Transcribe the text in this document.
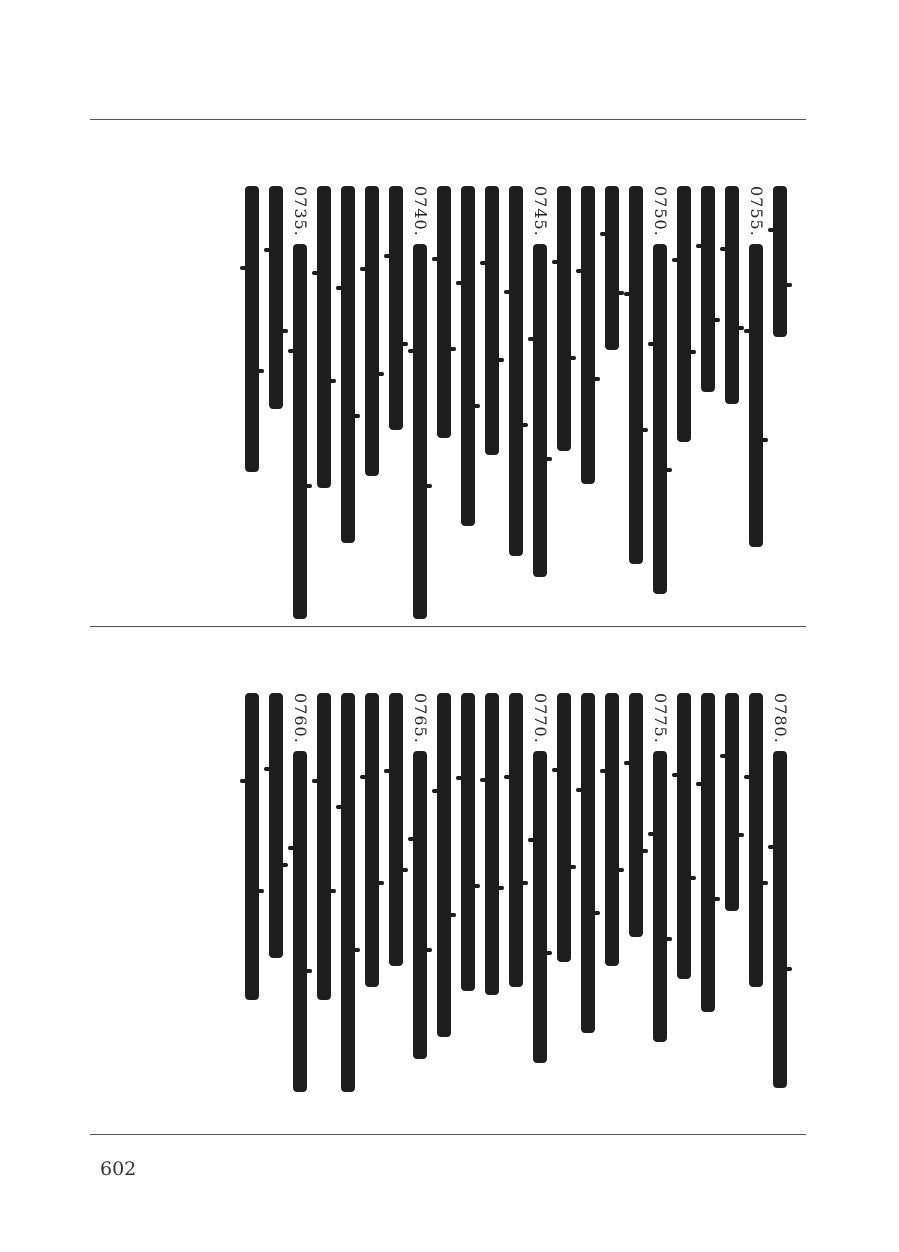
0755.
0750.
0745.
0740.
0735.
0780.
0775.
0770.
0765.
0760.
602
